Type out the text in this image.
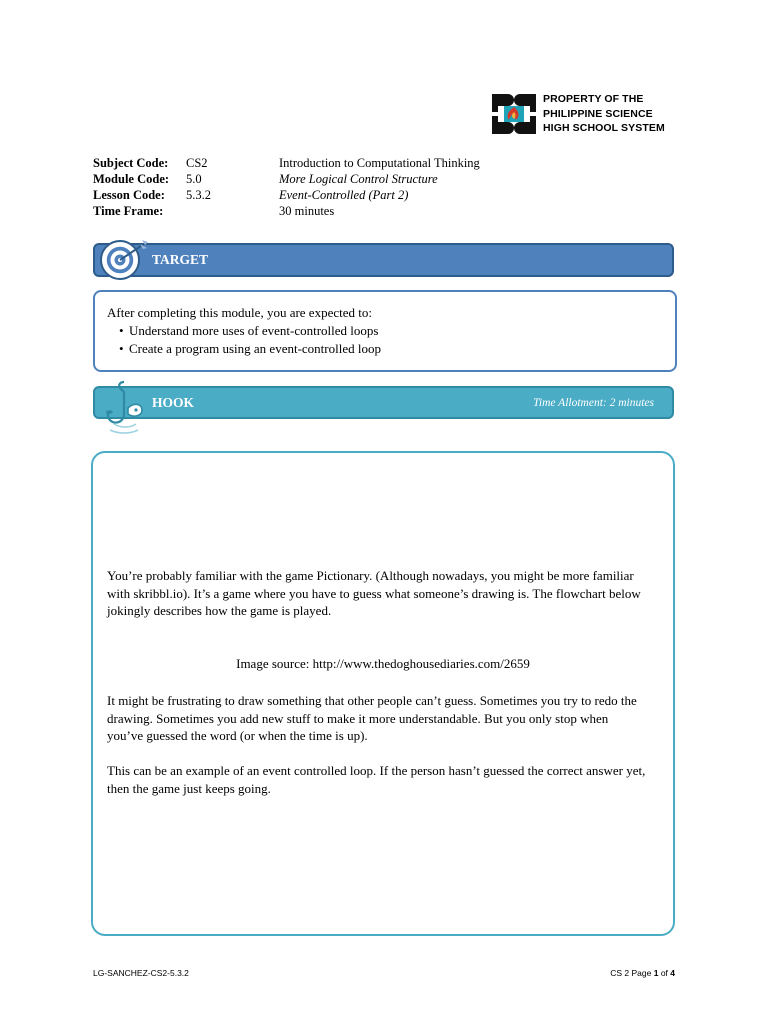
PROPERTY OF THE
PHILIPPINE SCIENCE
HIGH SCHOOL SYSTEM
Subject Code: CS2	Introduction to Computational Thinking
Module Code: 5.0	More Logical Control Structure
Lesson Code: 5.3.2	Event-Controlled (Part 2)
Time Frame:	30 minutes
TARGET
After completing this module, you are expected to:
• Understand more uses of event-controlled loops
• Create a program using an event-controlled loop
HOOK	Time Allotment: 2 minutes
You’re probably familiar with the game Pictionary. (Although nowadays, you might be more familiar with skribbl.io). It’s a game where you have to guess what someone’s drawing is. The flowchart below jokingly describes how the game is played.
Image source: http://www.thedoghousediaries.com/2659
It might be frustrating to draw something that other people can’t guess. Sometimes you try to redo the drawing. Sometimes you add new stuff to make it more understandable. But you only stop when you’ve guessed the word (or when the time is up).
This can be an example of an event controlled loop. If the person hasn’t guessed the correct answer yet, then the game just keeps going.
LG-SANCHEZ-CS2-5.3.2	CS 2 Page 1 of 4
